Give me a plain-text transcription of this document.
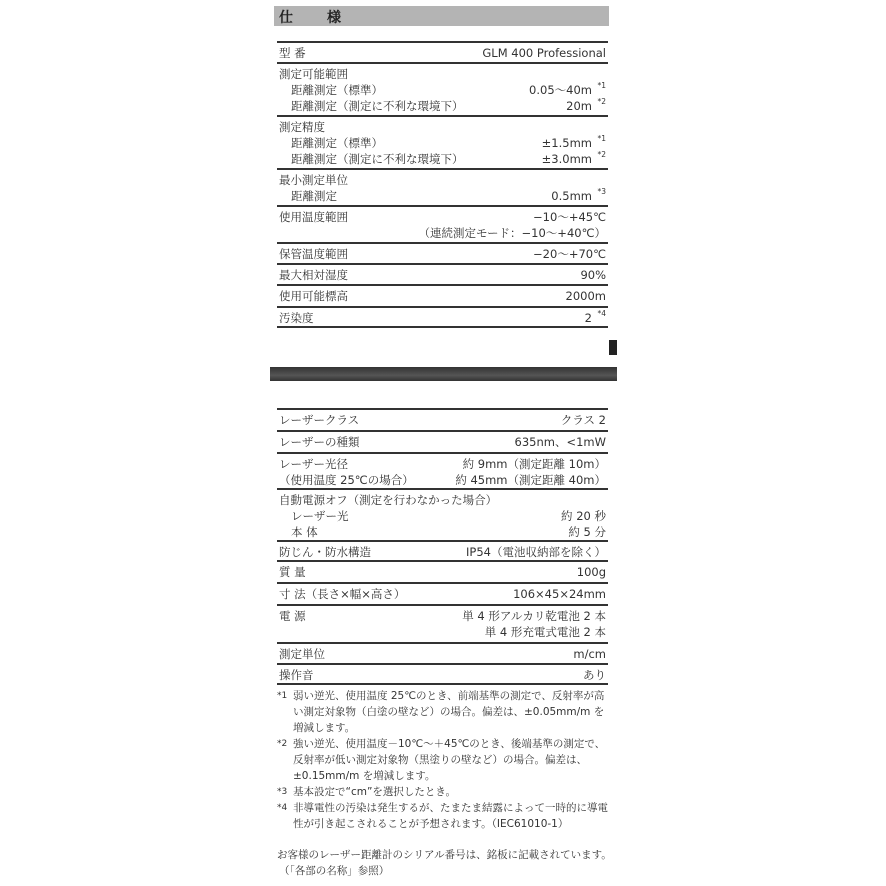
仕　様
型 番	GLM 400 Professional
測定可能範囲
距離測定（標準）	0.05～40m *1
距離測定（測定に不利な環境下）	20m *2
測定精度
距離測定（標準）	±1.5mm *1
距離測定（測定に不利な環境下）	±3.0mm *2
最小測定単位
距離測定	0.5mm *3
使用温度範囲	−10～+45℃
（連続測定モード：−10～+40℃）
保管温度範囲	−20～+70℃
最大相対湿度	90%
使用可能標高	2000m
汚染度	2 *4
レーザークラス	クラス 2
レーザーの種類	635nm、<1mW
レーザー光径	約 9mm（測定距離 10m）
（使用温度 25℃の場合）	約 45mm（測定距離 40m）
自動電源オフ（測定を行わなかった場合）
レーザー光	約 20 秒
本 体	約 5 分
防じん・防水構造	IP54（電池収納部を除く）
質 量	100g
寸 法（長さ×幅×高さ）	106×45×24mm
電 源	単 4 形アルカリ乾電池 2 本
単 4 形充電式電池 2 本
測定単位	m/cm
操作音	あり
*1 弱い逆光、使用温度 25℃のとき、前端基準の測定で、反射率が高い測定対象物（白塗の壁など）の場合。偏差は、±0.05mm/m を増減します。
*2 強い逆光、使用温度－10℃～＋45℃のとき、後端基準の測定で、反射率が低い測定対象物（黒塗りの壁など）の場合。偏差は、±0.15mm/m を増減します。
*3 基本設定で“cm”を選択したとき。
*4 非導電性の汚染は発生するが、たまたま結露によって一時的に導電性が引き起こされることが予想されます。（IEC61010-1）
お客様のレーザー距離計のシリアル番号は、銘板に記載されています。
（「各部の名称」参照）
